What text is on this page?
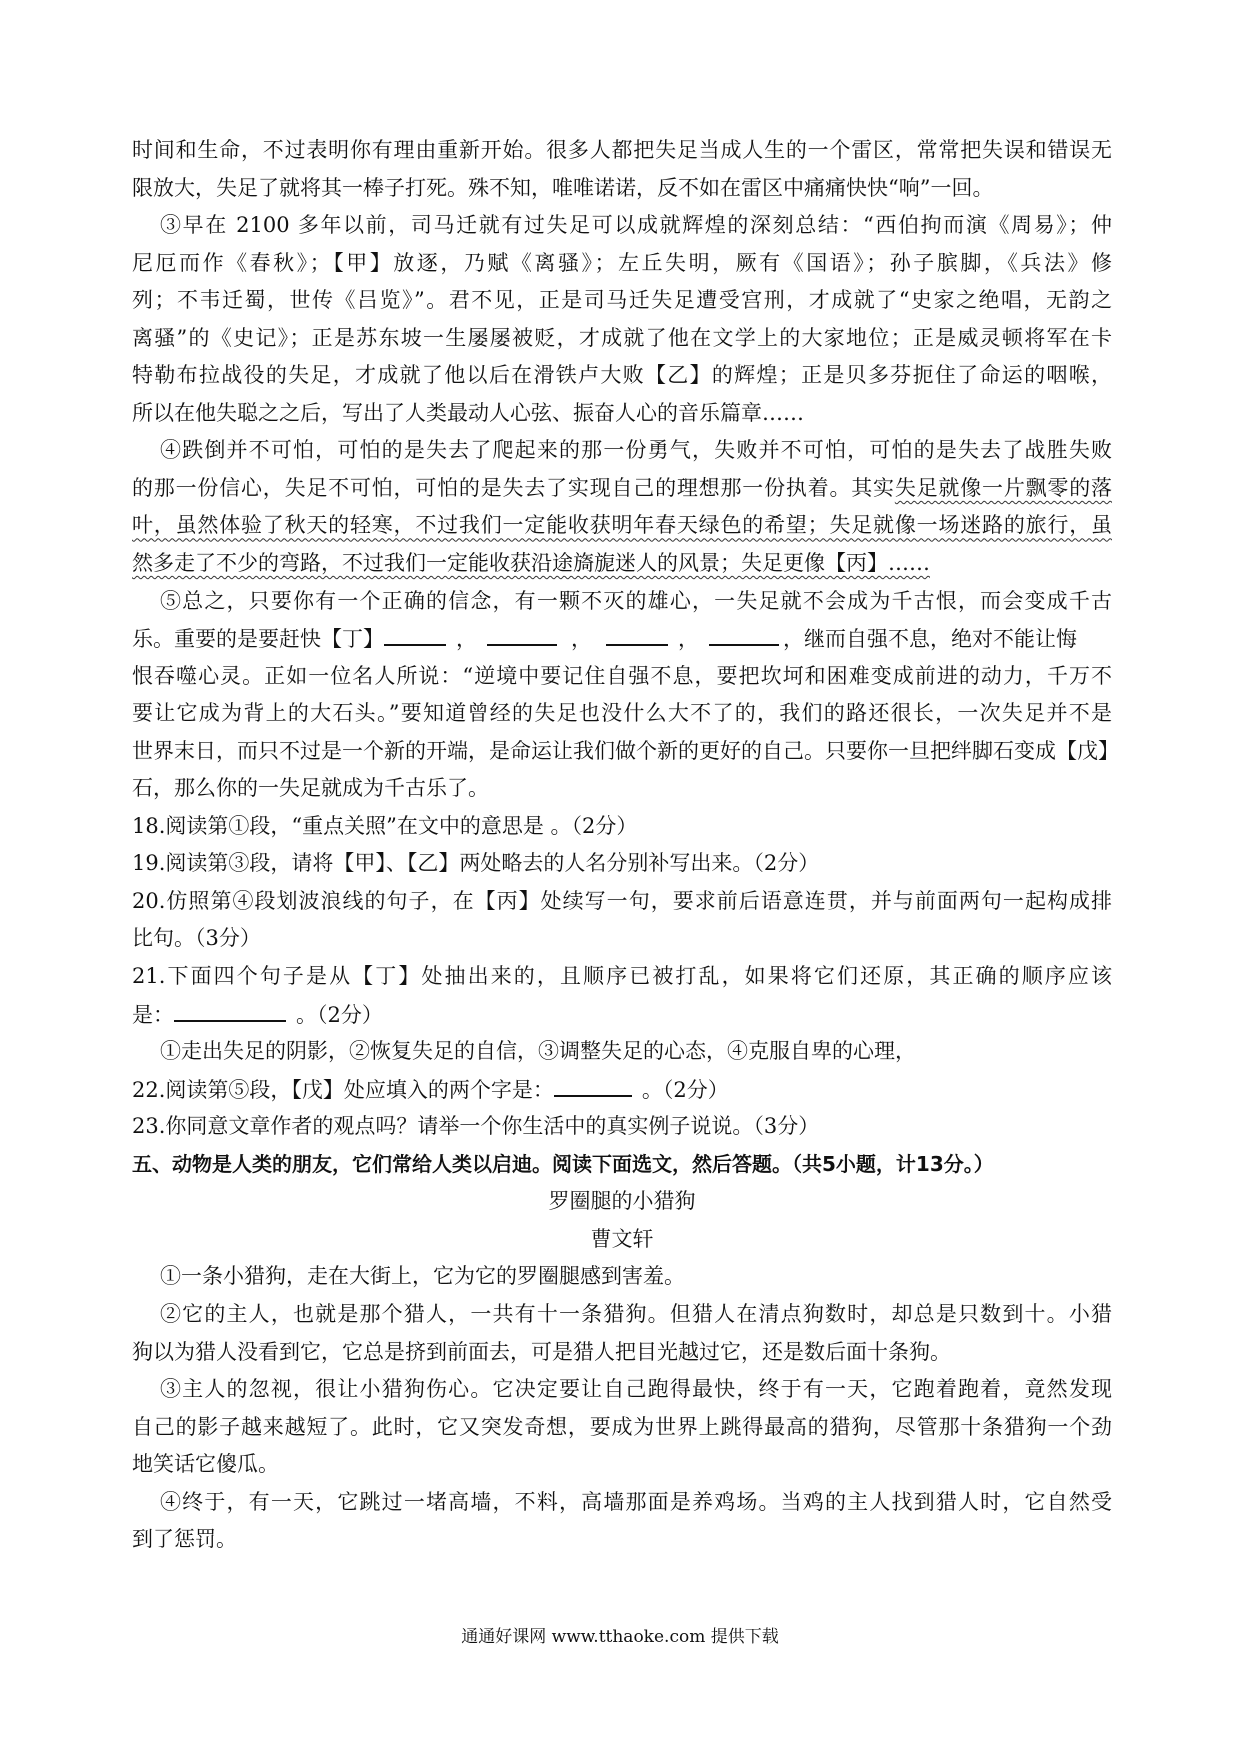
时间和生命，不过表明你有理由重新开始。很多人都把失足当成人生的一个雷区，常常把失误和错误无
限放大，失足了就将其一棒子打死。殊不知，唯唯诺诺，反不如在雷区中痛痛快快“响”一回。
③早在 2100 多年以前，司马迁就有过失足可以成就辉煌的深刻总结：“西伯拘而演《周易》；仲
尼厄而作《春秋》；【甲】放逐，乃赋《离骚》；左丘失明，厥有《国语》；孙子膑脚，《兵法》修
列；不韦迁蜀，世传《吕览》”。君不见，正是司马迁失足遭受宫刑，才成就了“史家之绝唱，无韵之
离骚”的《史记》；正是苏东坡一生屡屡被贬，才成就了他在文学上的大家地位；正是威灵顿将军在卡
特勒布拉战役的失足，才成就了他以后在滑铁卢大败【乙】的辉煌；正是贝多芬扼住了命运的咽喉，
所以在他失聪之之后，写出了人类最动人心弦、振奋人心的音乐篇章……
④跌倒并不可怕，可怕的是失去了爬起来的那一份勇气，失败并不可怕，可怕的是失去了战胜失败
的那一份信心，失足不可怕，可怕的是失去了实现自己的理想那一份执着。其实失足就像一片飘零的落
叶，虽然体验了秋天的轻寒，不过我们一定能收获明年春天绿色的希望；失足就像一场迷路的旅行，虽
然多走了不少的弯路，不过我们一定能收获沿途旖旎迷人的风景；失足更像【丙】……
⑤总之，只要你有一个正确的信念，有一颗不灭的雄心，一失足就不会成为千古恨，而会变成千古
乐。重要的是要赶快【丁】	，	，	，	，继而自强不息，绝对不能让悔
恨吞噬心灵。正如一位名人所说：“逆境中要记住自强不息，要把坎坷和困难变成前进的动力，千万不
要让它成为背上的大石头。”要知道曾经的失足也没什么大不了的，我们的路还很长，一次失足并不是
世界末日，而只不过是一个新的开端，是命运让我们做个新的更好的自己。只要你一旦把绊脚石变成【戊】
石，那么你的一失足就成为千古乐了。
18.阅读第①段，“重点关照”在文中的意思是 。（2分）
19.阅读第③段，请将【甲】、【乙】两处略去的人名分别补写出来。（2分）
20.仿照第④段划波浪线的句子，在【丙】处续写一句，要求前后语意连贯，并与前面两句一起构成排
比句。（3分）
21.下面四个句子是从【丁】处抽出来的，且顺序已被打乱，如果将它们还原，其正确的顺序应该
是：	。（2分）
①走出失足的阴影，②恢复失足的自信，③调整失足的心态，④克服自卑的心理，
22.阅读第⑤段，【戊】处应填入的两个字是：	。（2分）
23.你同意文章作者的观点吗？请举一个你生活中的真实例子说说。（3分）
五、动物是人类的朋友，它们常给人类以启迪。阅读下面选文，然后答题。（共5小题，计13分。）
罗圈腿的小猎狗
曹文轩
①一条小猎狗，走在大街上，它为它的罗圈腿感到害羞。
②它的主人，也就是那个猎人，一共有十一条猎狗。但猎人在清点狗数时，却总是只数到十。小猎
狗以为猎人没看到它，它总是挤到前面去，可是猎人把目光越过它，还是数后面十条狗。
③主人的忽视，很让小猎狗伤心。它决定要让自己跑得最快，终于有一天，它跑着跑着，竟然发现
自己的影子越来越短了。此时，它又突发奇想，要成为世界上跳得最高的猎狗，尽管那十条猎狗一个劲
地笑话它傻瓜。
④终于，有一天，它跳过一堵高墙，不料，高墙那面是养鸡场。当鸡的主人找到猎人时，它自然受
到了惩罚。
通通好课网 www.tthaoke.com 提供下载
